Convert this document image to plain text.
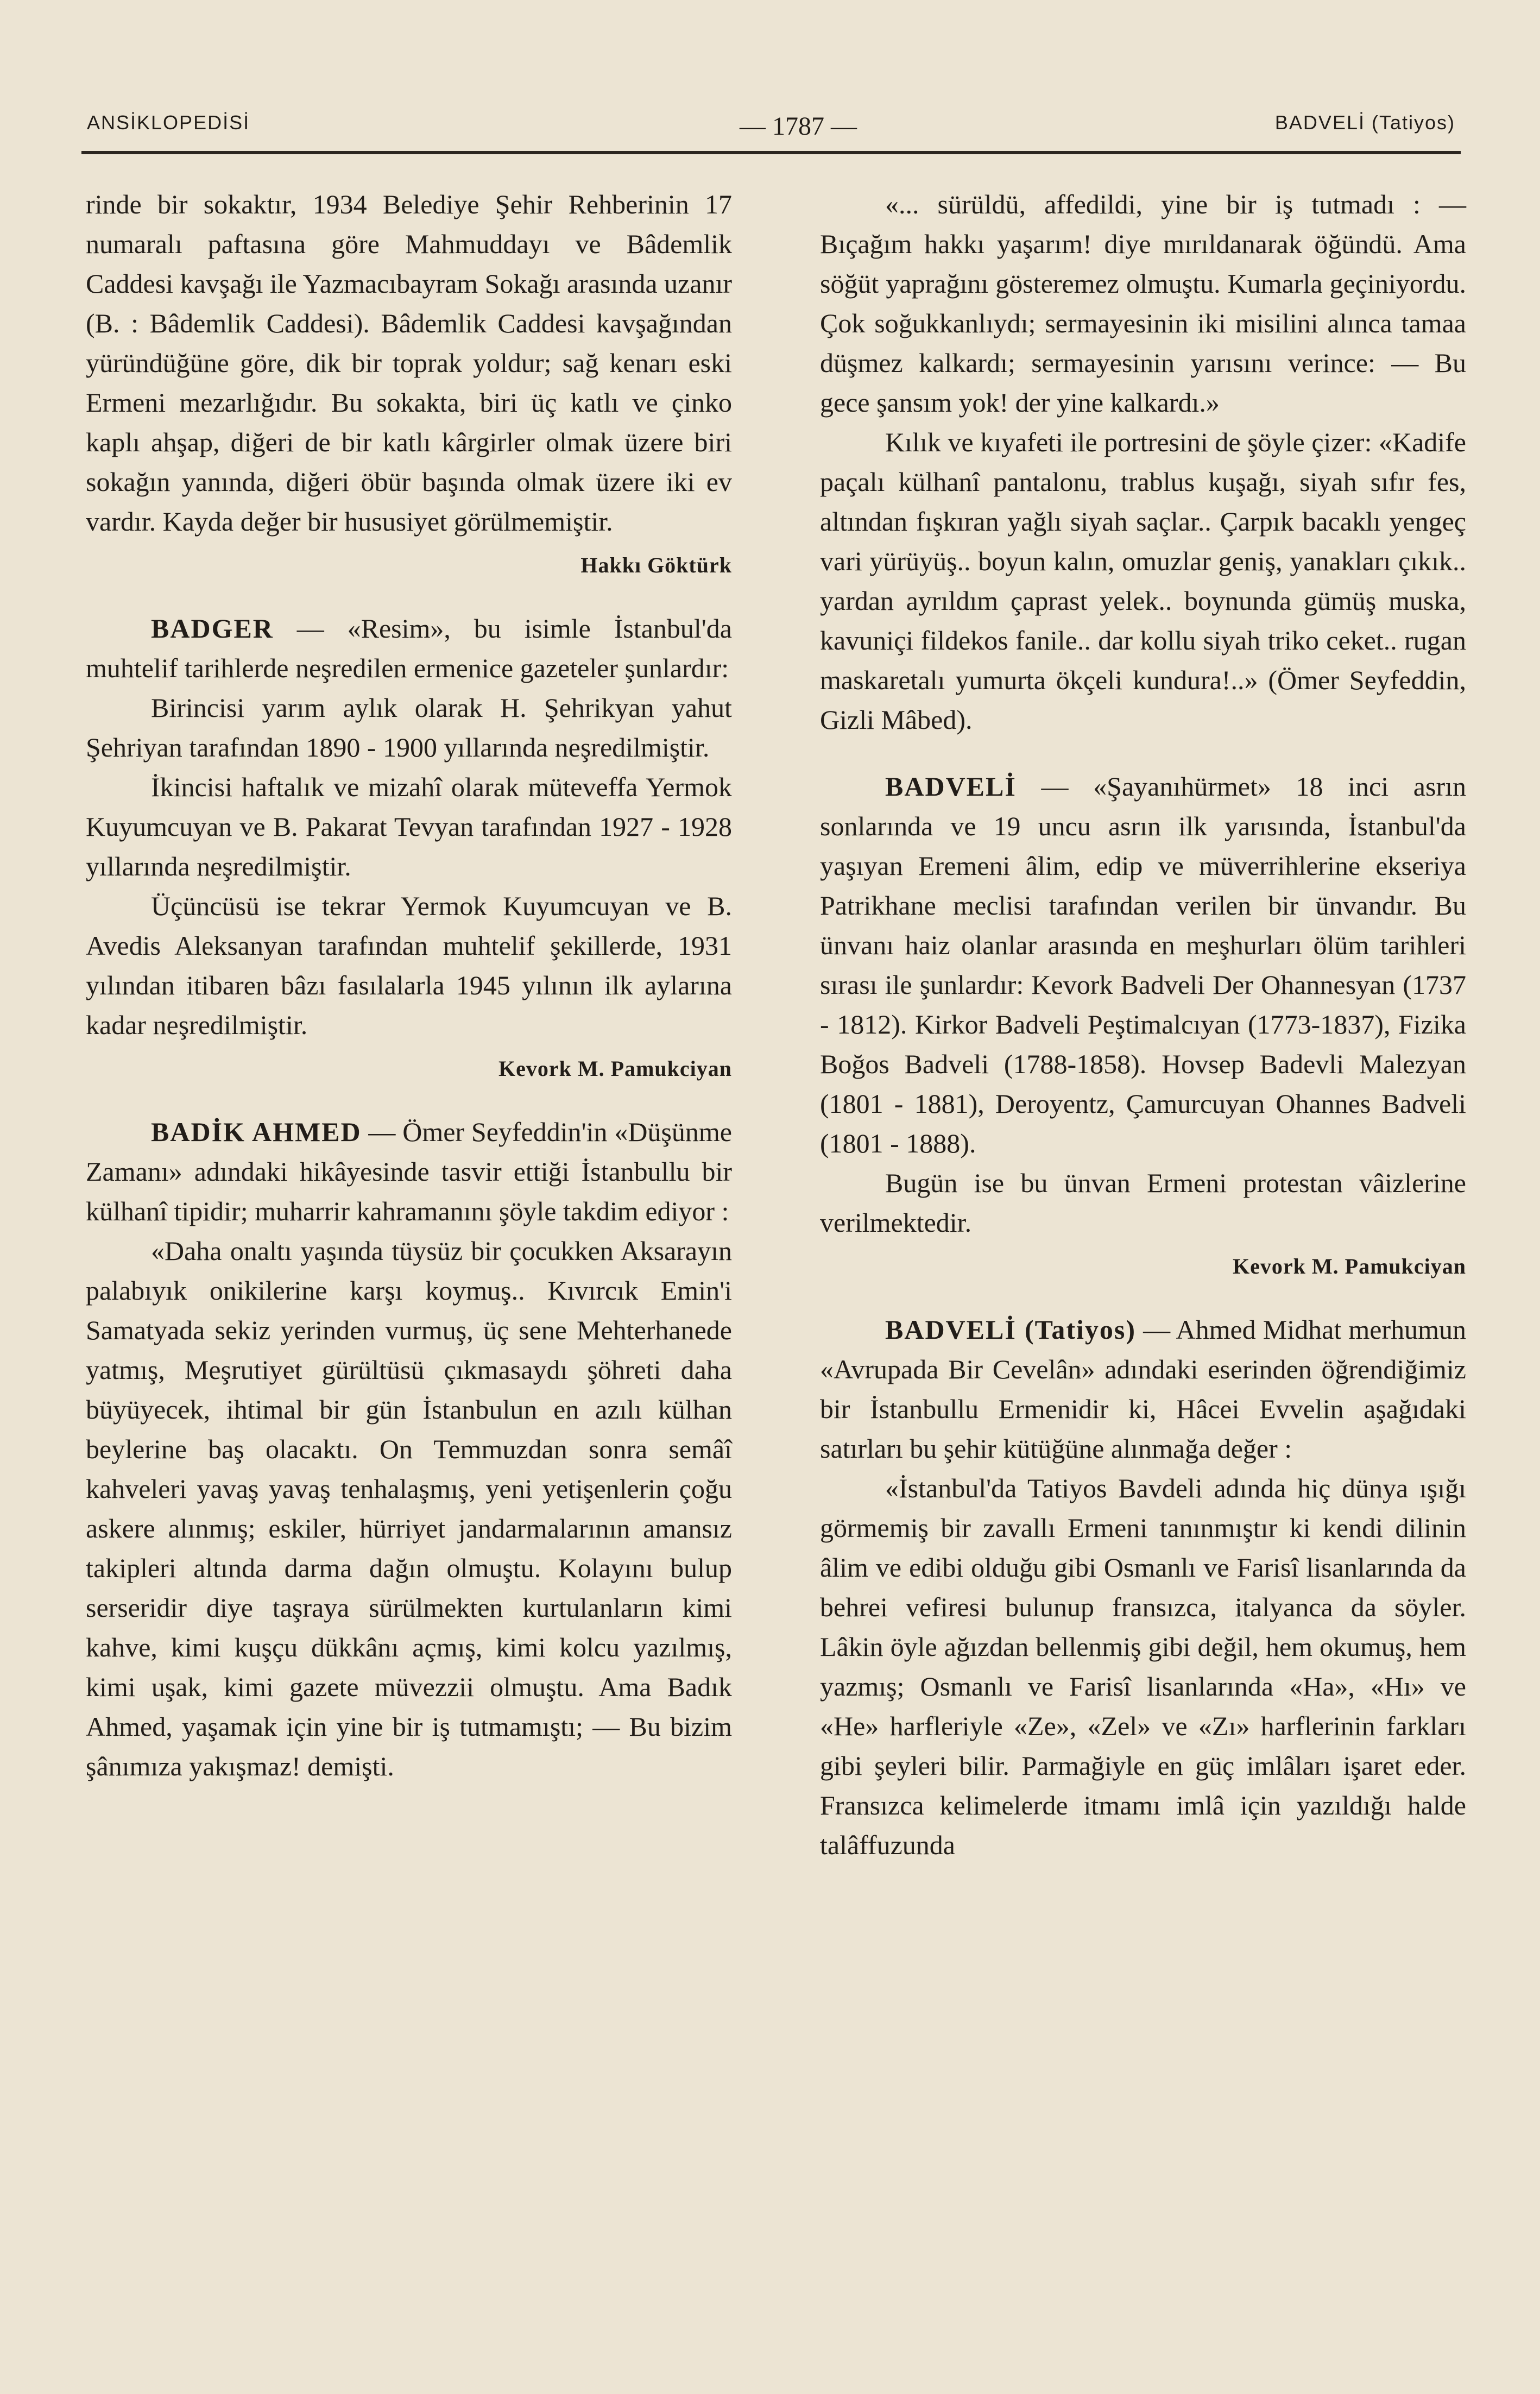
ANSİKLOPEDİSİ	— 1787 —	BADVELİ (Tatiyos)

rinde bir sokaktır, 1934 Belediye Şehir Rehberinin 17 numaralı paftasına göre Mahmuddayı ve Bâdemlik Caddesi kavşağı ile Yazmacıbayram Sokağı arasında uzanır (B. : Bâdemlik Caddesi). Bâdemlik Caddesi kavşağından yüründüğüne göre, dik bir toprak yoldur; sağ kenarı eski Ermeni mezarlığıdır. Bu sokakta, biri üç katlı ve çinko kaplı ahşap, diğeri de bir katlı kârgirler olmak üzere biri sokağın yanında, diğeri öbür başında olmak üzere iki ev vardır. Kayda değer bir hususiyet görülmemiştir.

Hakkı Göktürk

BADGER — «Resim», bu isimle İstanbul'da muhtelif tarihlerde neşredilen ermenice gazeteler şunlardır:

Birincisi yarım aylık olarak H. Şehrikyan yahut Şehriyan tarafından 1890 - 1900 yıllarında neşredilmiştir.

İkincisi haftalık ve mizahî olarak müteveffa Yermok Kuyumcuyan ve B. Pakarat Tevyan tarafından 1927 - 1928 yıllarında neşredilmiştir.

Üçüncüsü ise tekrar Yermok Kuyumcuyan ve B. Avedis Aleksanyan tarafından muhtelif şekillerde, 1931 yılından itibaren bâzı fasılalarla 1945 yılının ilk aylarına kadar neşredilmiştir.

Kevork M. Pamukciyan

BADİK AHMED — Ömer Seyfeddin'in «Düşünme Zamanı» adındaki hikâyesinde tasvir ettiği İstanbullu bir külhanî tipidir; muharrir kahramanını şöyle takdim ediyor :

«Daha onaltı yaşında tüysüz bir çocukken Aksarayın palabıyık onikilerine karşı koymuş.. Kıvırcık Emin'i Samatyada sekiz yerinden vurmuş, üç sene Mehterhanede yatmış, Meşrutiyet gürültüsü çıkmasaydı şöhreti daha büyüyecek, ihtimal bir gün İstanbulun en azılı külhan beylerine baş olacaktı. On Temmuzdan sonra semâî kahveleri yavaş yavaş tenhalaşmış, yeni yetişenlerin çoğu askere alınmış; eskiler, hürriyet jandarmalarının amansız takipleri altında darma dağın olmuştu. Kolayını bulup serseridir diye taşraya sürülmekten kurtulanların kimi kahve, kimi kuşçu dükkânı açmış, kimi kolcu yazılmış, kimi uşak, kimi gazete müvezzii olmuştu. Ama Badık Ahmed, yaşamak için yine bir iş tutmamıştı; — Bu bizim şânımıza yakışmaz! demişti.

«... sürüldü, affedildi, yine bir iş tutmadı : — Bıçağım hakkı yaşarım! diye mırıldanarak öğündü. Ama söğüt yaprağını gösteremez olmuştu. Kumarla geçiniyordu. Çok soğukkanlıydı; sermayesinin iki misilini alınca tamaa düşmez kalkardı; sermayesinin yarısını verince: — Bu gece şansım yok! der yine kalkardı.»

Kılık ve kıyafeti ile portresini de şöyle çizer: «Kadife paçalı külhanî pantalonu, trablus kuşağı, siyah sıfır fes, altından fışkıran yağlı siyah saçlar.. Çarpık bacaklı yengeç vari yürüyüş.. boyun kalın, omuzlar geniş, yanakları çıkık.. yardan ayrıldım çaprast yelek.. boynunda gümüş muska, kavuniçi fildekos fanile.. dar kollu siyah triko ceket.. rugan maskaretalı yumurta ökçeli kundura!..» (Ömer Seyfeddin, Gizli Mâbed).

BADVELİ — «Şayanıhürmet» 18 inci asrın sonlarında ve 19 uncu asrın ilk yarısında, İstanbul'da yaşıyan Eremeni âlim, edip ve müverrihlerine ekseriya Patrikhane meclisi tarafından verilen bir ünvandır. Bu ünvanı haiz olanlar arasında en meşhurları ölüm tarihleri sırası ile şunlardır: Kevork Badveli Der Ohannesyan (1737 - 1812). Kirkor Badveli Peştimalcıyan (1773-1837), Fizika Boğos Badveli (1788-1858). Hovsep Badevli Malezyan (1801 - 1881), Deroyentz, Çamurcuyan Ohannes Badveli (1801 - 1888).

Bugün ise bu ünvan Ermeni protestan vâizlerine verilmektedir.

Kevork M. Pamukciyan

BADVELİ (Tatiyos) — Ahmed Midhat merhumun «Avrupada Bir Cevelân» adındaki eserinden öğrendiğimiz bir İstanbullu Ermenidir ki, Hâcei Evvelin aşağıdaki satırları bu şehir kütüğüne alınmağa değer :

«İstanbul'da Tatiyos Bavdeli adında hiç dünya ışığı görmemiş bir zavallı Ermeni tanınmıştır ki kendi dilinin âlim ve edibi olduğu gibi Osmanlı ve Farisî lisanlarında da behrei vefiresi bulunup fransızca, italyanca da söyler. Lâkin öyle ağızdan bellenmiş gibi değil, hem okumuş, hem yazmış; Osmanlı ve Farisî lisanlarında «Ha», «Hı» ve «He» harfleriyle «Ze», «Zel» ve «Zı» harflerinin farkları gibi şeyleri bilir. Parmağiyle en güç imlâları işaret eder. Fransızca kelimelerde itmamı imlâ için yazıldığı halde talâffuzunda
